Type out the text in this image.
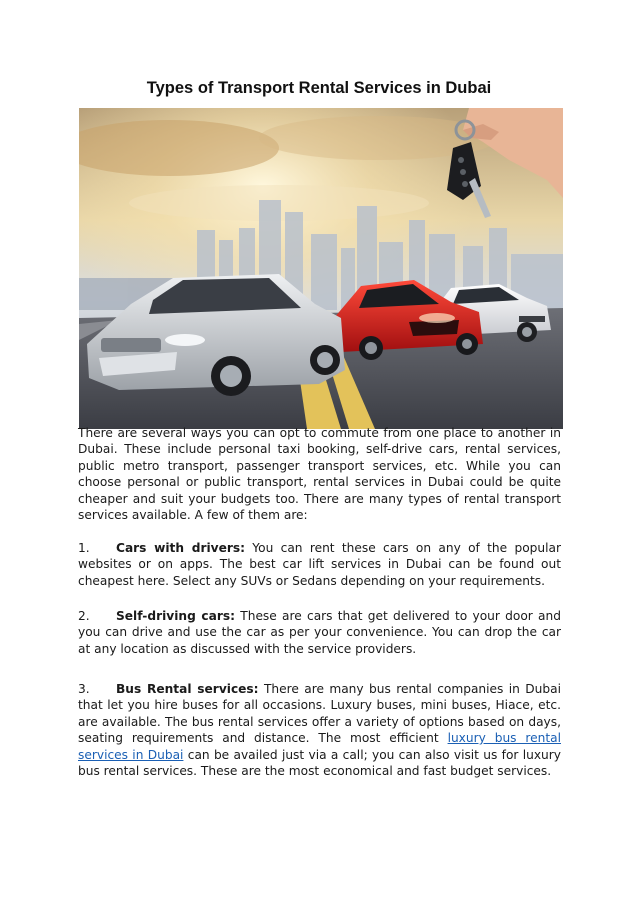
Types of Transport Rental Services in Dubai

There are several ways you can opt to commute from one place to another in Dubai. These include personal taxi booking, self-drive cars, rental services, public metro transport, passenger transport services, etc. While you can choose personal or public transport, rental services in Dubai could be quite cheaper and suit your budgets too. There are many types of rental transport services available. A few of them are:

1. Cars with drivers: You can rent these cars on any of the popular websites or on apps. The best car lift services in Dubai can be found out cheapest here. Select any SUVs or Sedans depending on your requirements.

2. Self-driving cars: These are cars that get delivered to your door and you can drive and use the car as per your convenience. You can drop the car at any location as discussed with the service providers.

3. Bus Rental services: There are many bus rental companies in Dubai that let you hire buses for all occasions. Luxury buses, mini buses, Hiace, etc. are available. The bus rental services offer a variety of options based on days, seating requirements and distance. The most efficient luxury bus rental services in Dubai can be availed just via a call; you can also visit us for luxury bus rental services. These are the most economical and fast budget services.
